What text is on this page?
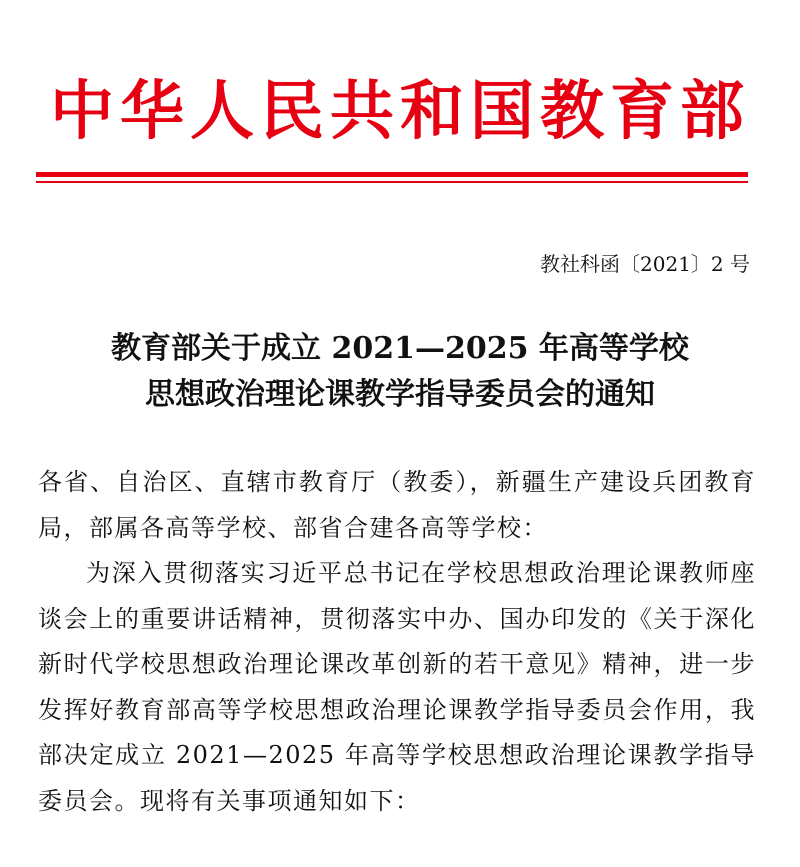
中华人民共和国教育部
教社科函〔2021〕2 号
教育部关于成立 2021—2025 年高等学校
思想政治理论课教学指导委员会的通知

各省、自治区、直辖市教育厅（教委），新疆生产建设兵团教育局，部属各高等学校、部省合建各高等学校：

为深入贯彻落实习近平总书记在学校思想政治理论课教师座谈会上的重要讲话精神，贯彻落实中办、国办印发的《关于深化新时代学校思想政治理论课改革创新的若干意见》精神，进一步发挥好教育部高等学校思想政治理论课教学指导委员会作用，我部决定成立 2021—2025 年高等学校思想政治理论课教学指导委员会。现将有关事项通知如下：
